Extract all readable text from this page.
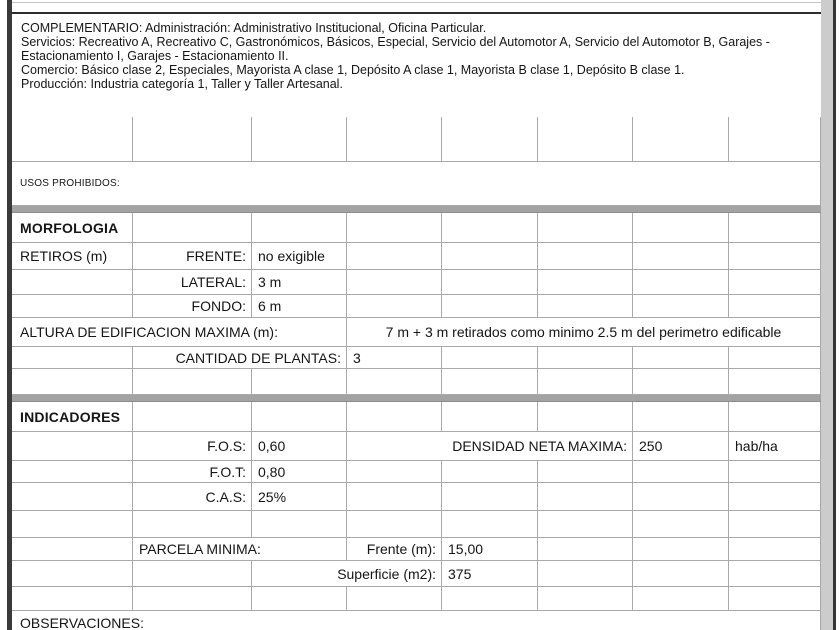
COMPLEMENTARIO: Administración: Administrativo Institucional, Oficina Particular.
Servicios: Recreativo A, Recreativo C, Gastronómicos, Básicos, Especial, Servicio del Automotor A, Servicio del Automotor B, Garajes -
Estacionamiento I, Garajes - Estacionamiento II.
Comercio: Básico clase 2, Especiales, Mayorista A clase 1, Depósito A clase 1, Mayorista B clase 1, Depósito B clase 1.
Producción: Industria categoría 1, Taller y Taller Artesanal.
USOS PROHIBIDOS:
MORFOLOGIA
RETIROS (m)	FRENTE: no exigible
LATERAL: 3 m
FONDO: 6 m
ALTURA DE EDIFICACION MAXIMA (m):	7 m + 3 m retirados como minimo 2.5 m del perimetro edificable
CANTIDAD DE PLANTAS: 3
INDICADORES
F.O.S: 0,60	DENSIDAD NETA MAXIMA: 250	hab/ha
F.O.T: 0,80
C.A.S: 25%
PARCELA MINIMA:	Frente (m): 15,00
Superficie (m2): 375
OBSERVACIONES:
